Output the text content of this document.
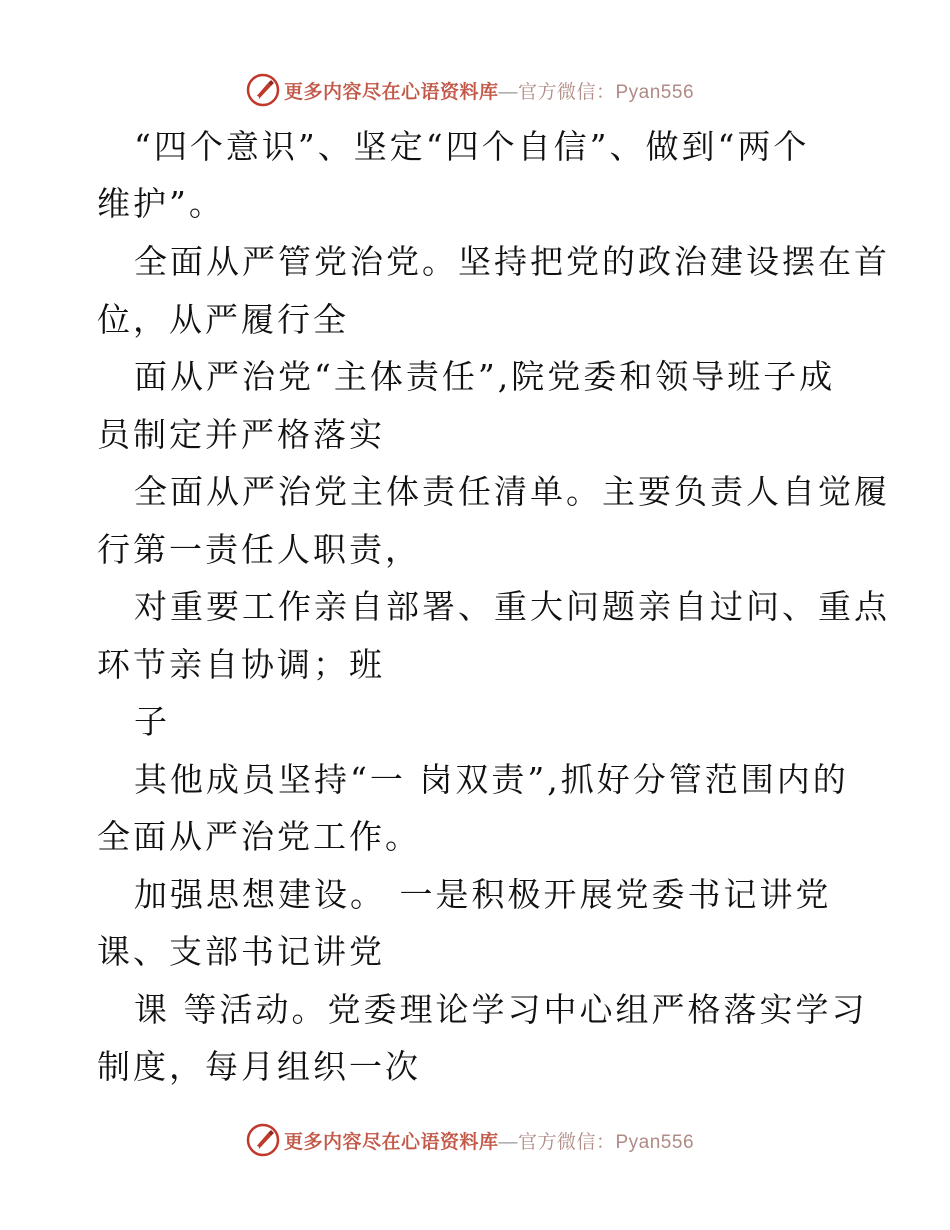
更多内容尽在心语资料库—官方微信：Pyan556
“四个意识”、坚定“四个自信”、做到“两个
维护”。
全面从严管党治党。坚持把党的政治建设摆在首
位，从严履行全
面从严治党“主体责任”,院党委和领导班子成
员制定并严格落实
全面从严治党主体责任清单。主要负责人自觉履
行第一责任人职责，
对重要工作亲自部署、重大问题亲自过问、重点
环节亲自协调；班
子
其他成员坚持“一 岗双责”,抓好分管范围内的
全面从严治党工作。
加强思想建设。 一是积极开展党委书记讲党
课、支部书记讲党
课 等活动。党委理论学习中心组严格落实学习
制度，每月组织一次
更多内容尽在心语资料库—官方微信：Pyan556
